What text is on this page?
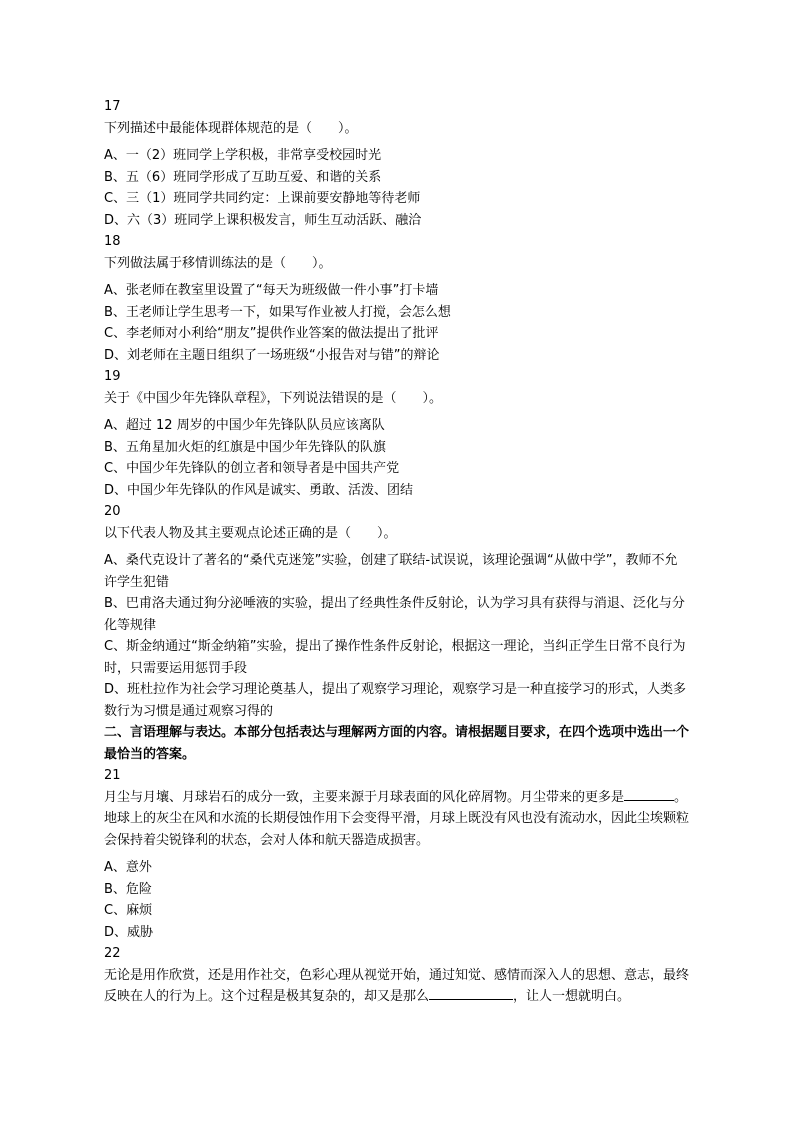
17
下列描述中最能体现群体规范的是（　　）。
A、一（2）班同学上学积极，非常享受校园时光
B、五（6）班同学形成了互助互爱、和谐的关系
C、三（1）班同学共同约定：上课前要安静地等待老师
D、六（3）班同学上课积极发言，师生互动活跃、融洽
18
下列做法属于移情训练法的是（　　）。
A、张老师在教室里设置了“每天为班级做一件小事”打卡墙
B、王老师让学生思考一下，如果写作业被人打搅，会怎么想
C、李老师对小利给“朋友”提供作业答案的做法提出了批评
D、刘老师在主题日组织了一场班级“小报告对与错”的辩论
19
关于《中国少年先锋队章程》，下列说法错误的是（　　）。
A、超过 12 周岁的中国少年先锋队队员应该离队
B、五角星加火炬的红旗是中国少年先锋队的队旗
C、中国少年先锋队的创立者和领导者是中国共产党
D、中国少年先锋队的作风是诚实、勇敢、活泼、团结
20
以下代表人物及其主要观点论述正确的是（　　）。
A、桑代克设计了著名的“桑代克迷笼”实验，创建了联结-试误说，该理论强调“从做中学”，教师不允许学生犯错
B、巴甫洛夫通过狗分泌唾液的实验，提出了经典性条件反射论，认为学习具有获得与消退、泛化与分化等规律
C、斯金纳通过“斯金纳箱”实验，提出了操作性条件反射论，根据这一理论，当纠正学生日常不良行为时，只需要运用惩罚手段
D、班杜拉作为社会学习理论奠基人，提出了观察学习理论，观察学习是一种直接学习的形式，人类多数行为习惯是通过观察习得的
二、言语理解与表达。本部分包括表达与理解两方面的内容。请根据题目要求，在四个选项中选出一个最恰当的答案。
21
月尘与月壤、月球岩石的成分一致，主要来源于月球表面的风化碎屑物。月尘带来的更多是	。地球上的灰尘在风和水流的长期侵蚀作用下会变得平滑，月球上既没有风也没有流动水，因此尘埃颗粒会保持着尖锐锋利的状态，会对人体和航天器造成损害。
A、意外
B、危险
C、麻烦
D、威胁
22
无论是用作欣赏，还是用作社交，色彩心理从视觉开始，通过知觉、感情而深入人的思想、意志，最终反映在人的行为上。这个过程是极其复杂的，却又是那么	，让人一想就明白。
